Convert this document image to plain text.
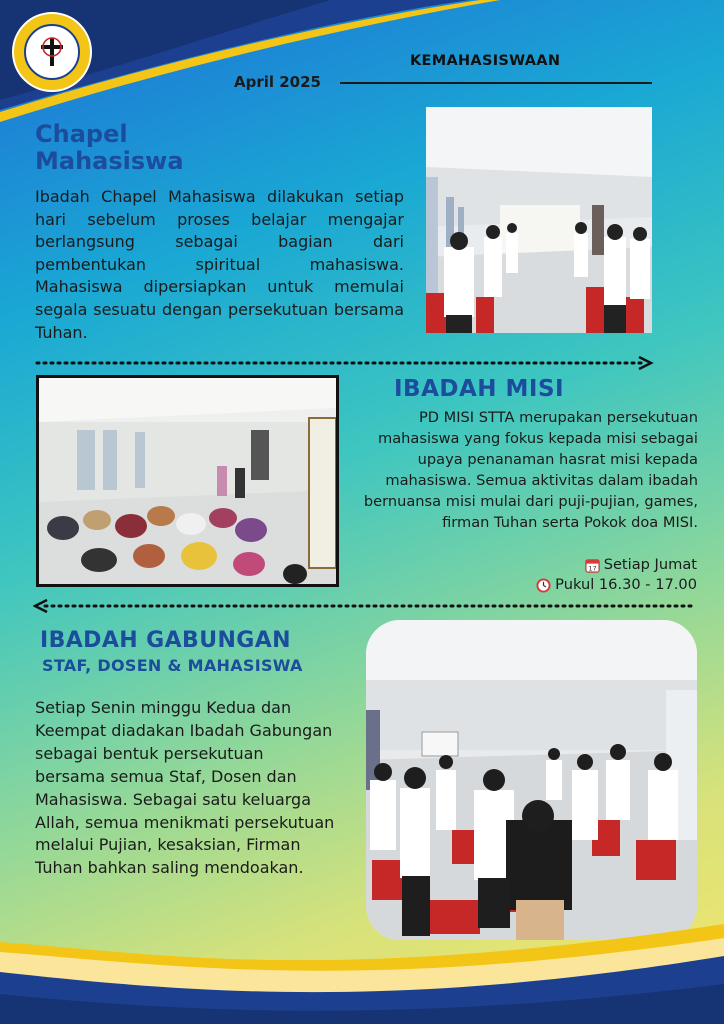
April 2025
KEMAHASISWAAN
Chapel
Mahasiswa
Ibadah Chapel Mahasiswa dilakukan setiap hari sebelum proses belajar mengajar berlangsung sebagai bagian dari pembentukan spiritual mahasiswa. Mahasiswa dipersiapkan untuk memulai segala sesuatu dengan persekutuan bersama Tuhan.
IBADAH MISI
PD MISI STTA merupakan persekutuan mahasiswa yang fokus kepada misi sebagai upaya penanaman hasrat misi kepada mahasiswa. Semua aktivitas dalam ibadah bernuansa misi mulai dari puji-pujian, games, firman Tuhan serta Pokok doa MISI.
17 Setiap Jumat
Pukul 16.30 - 17.00
IBADAH GABUNGAN
STAF, DOSEN & MAHASISWA
Setiap Senin minggu Kedua dan Keempat diadakan Ibadah Gabungan sebagai bentuk persekutuan bersama semua Staf, Dosen dan Mahasiswa. Sebagai satu keluarga Allah, semua menikmati persekutuan melalui Pujian, kesaksian, Firman Tuhan bahkan saling mendoakan.
